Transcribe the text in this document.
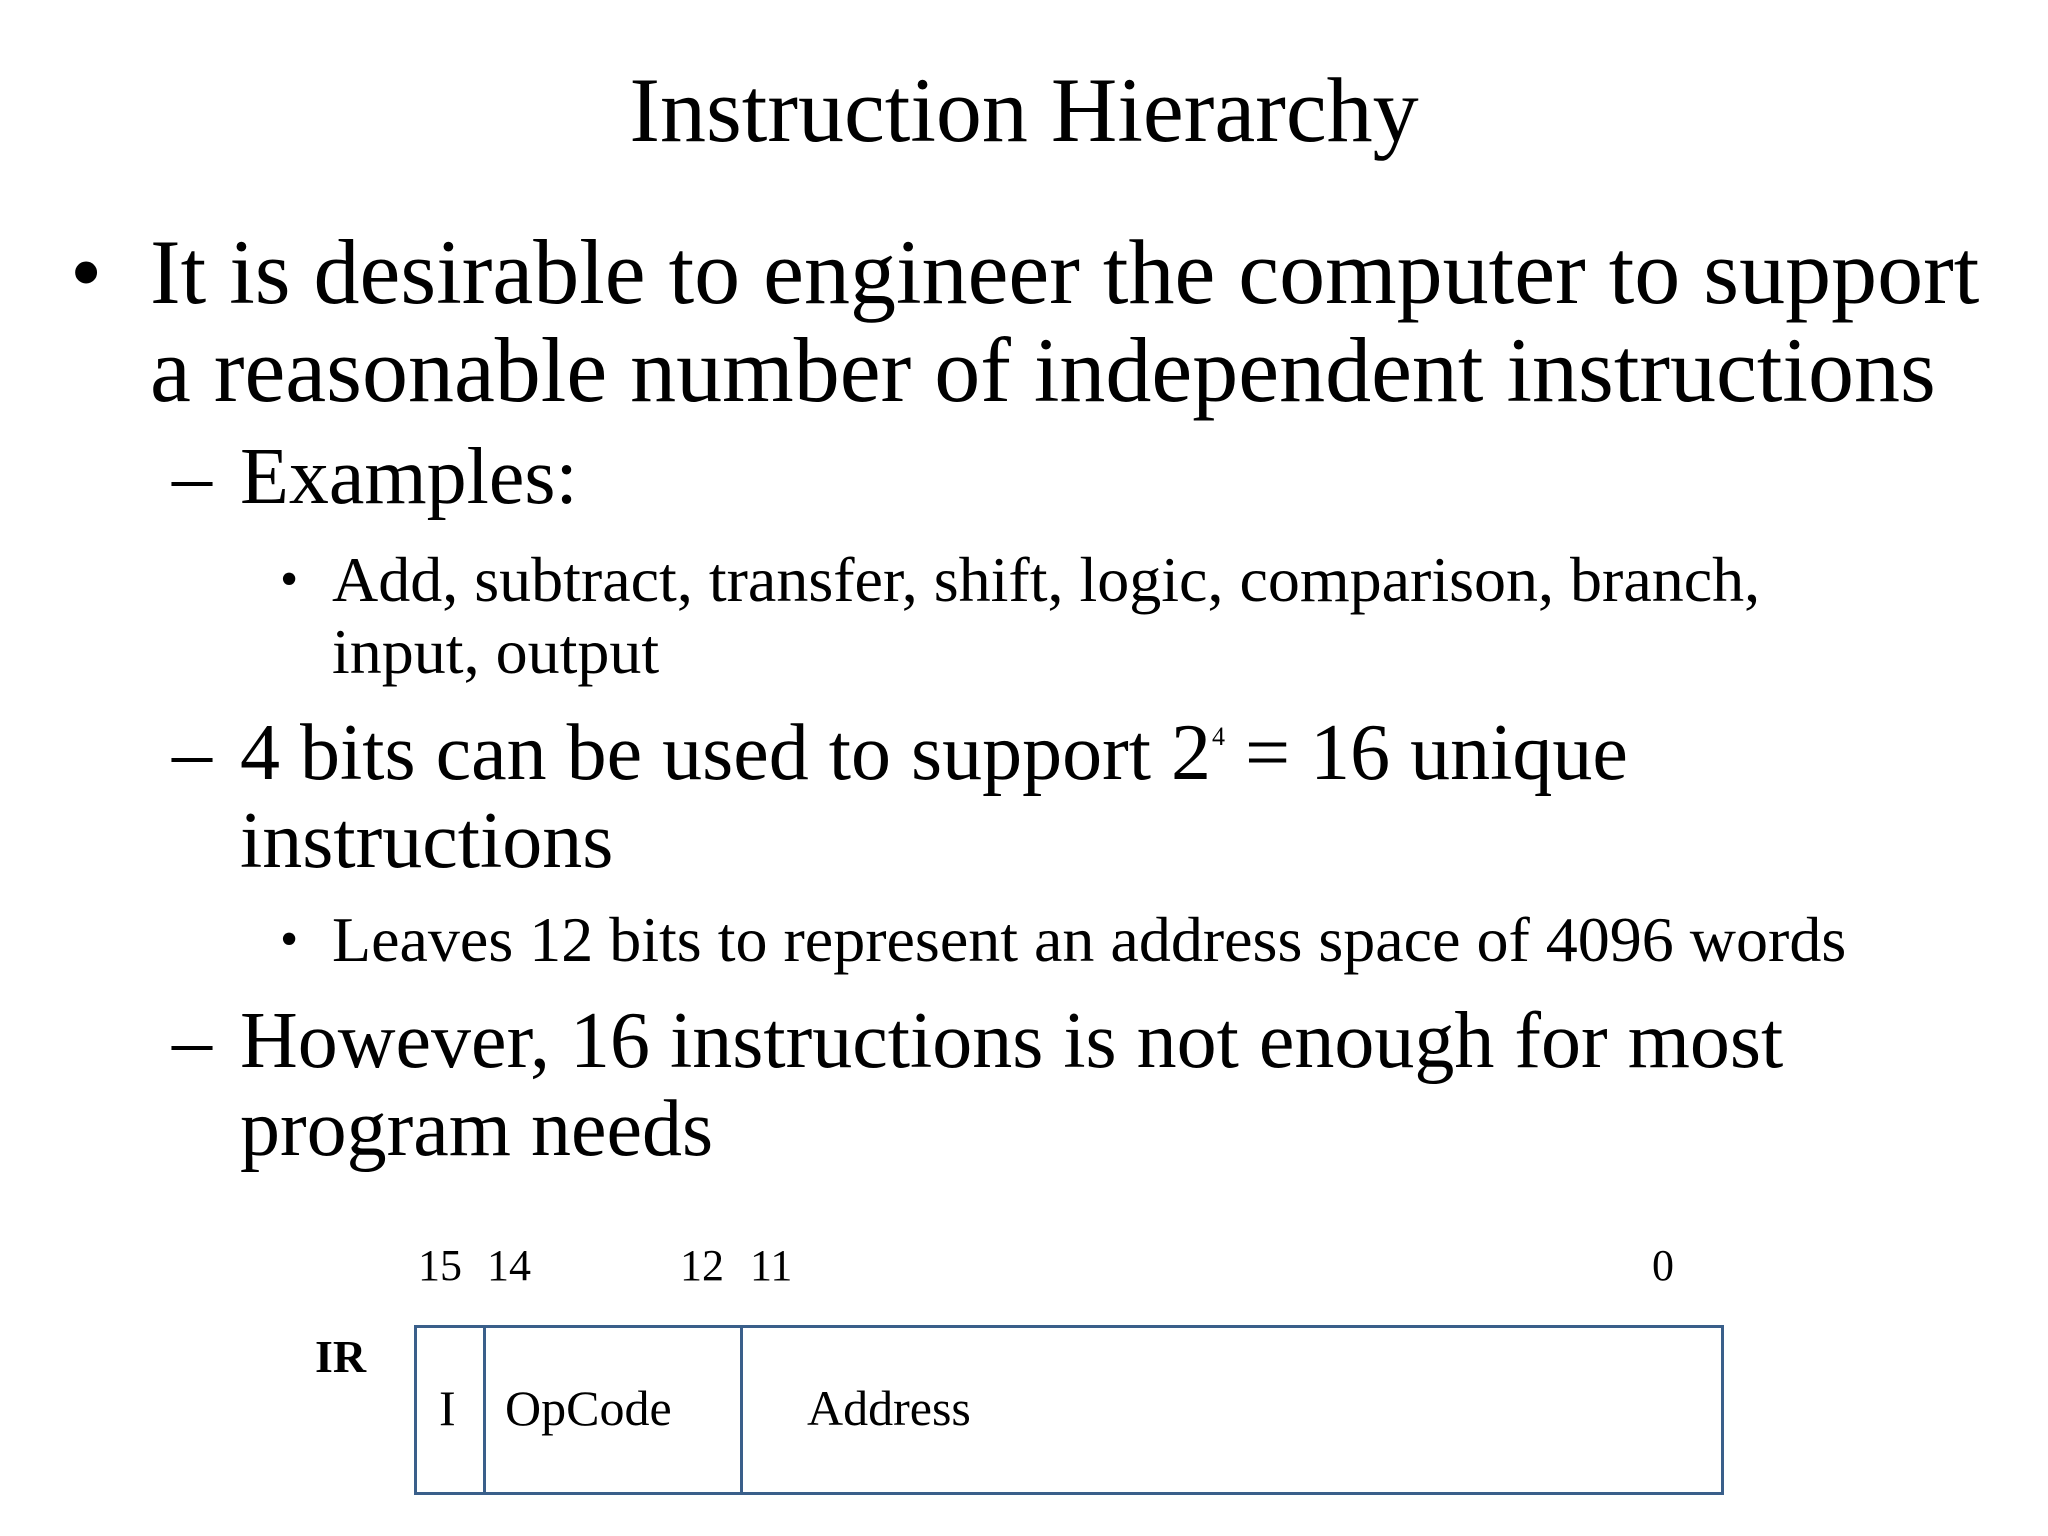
Instruction Hierarchy
• It is desirable to engineer the computer to support
a reasonable number of independent instructions
– Examples:
• Add, subtract, transfer, shift, logic, comparison, branch,
input, output
– 4 bits can be used to support $2^4 = 16$ unique
instructions
• Leaves 12 bits to represent an address space of 4096 words
– However, 16 instructions is not enough for most
program needs
15 14	12 11	0
IR
I OpCode	Address
